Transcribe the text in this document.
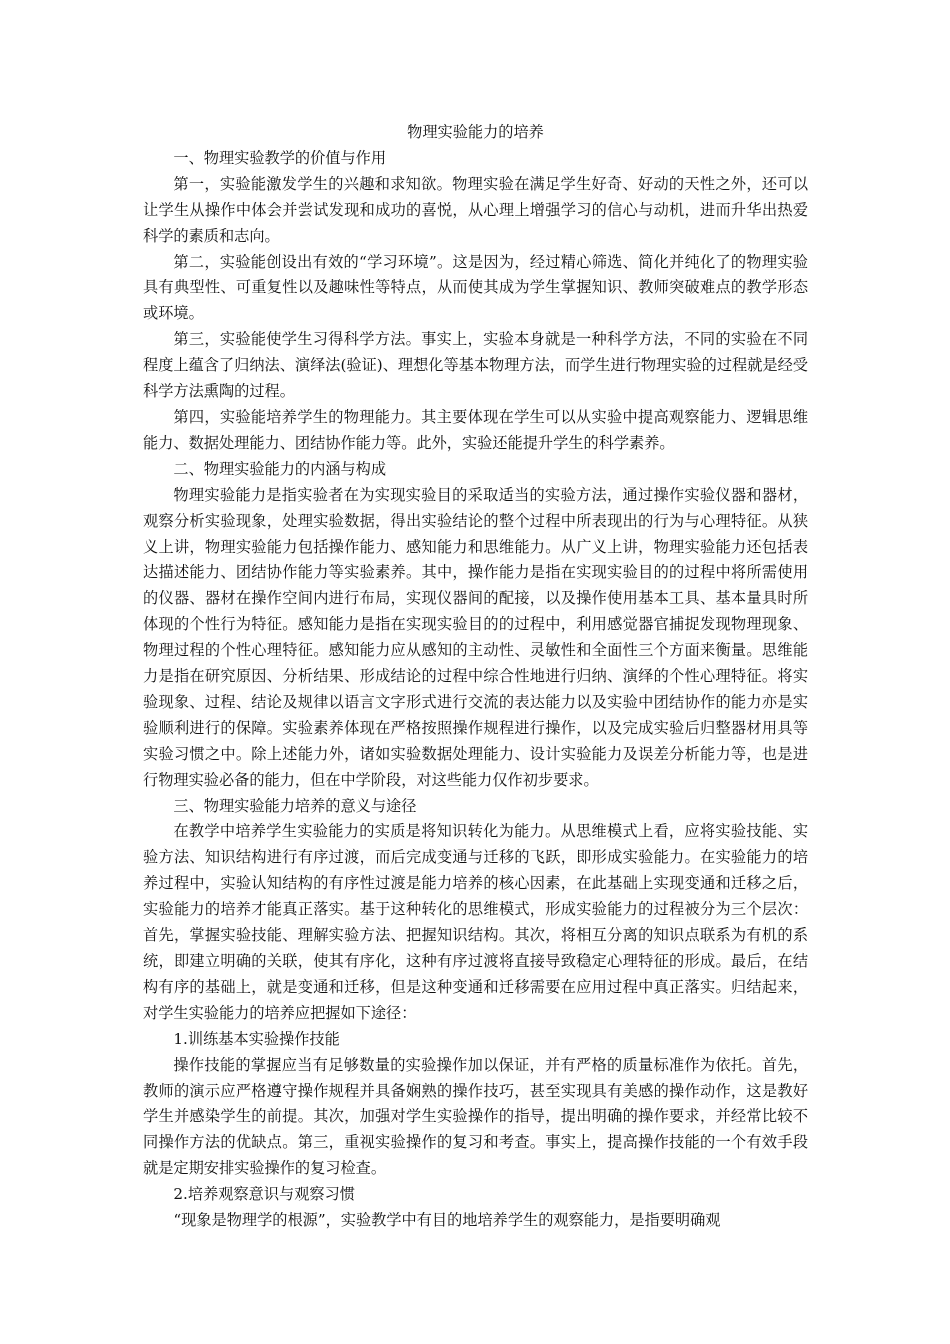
物理实验能力的培养

一、物理实验教学的价值与作用

第一，实验能激发学生的兴趣和求知欲。物理实验在满足学生好奇、好动的天性之外，还可以让学生从操作中体会并尝试发现和成功的喜悦，从心理上增强学习的信心与动机，进而升华出热爱科学的素质和志向。

第二，实验能创设出有效的“学习环境”。这是因为，经过精心筛选、简化并纯化了的物理实验具有典型性、可重复性以及趣味性等特点，从而使其成为学生掌握知识、教师突破难点的教学形态或环境。

第三，实验能使学生习得科学方法。事实上，实验本身就是一种科学方法，不同的实验在不同程度上蕴含了归纳法、演绎法(验证)、理想化等基本物理方法，而学生进行物理实验的过程就是经受科学方法熏陶的过程。

第四，实验能培养学生的物理能力。其主要体现在学生可以从实验中提高观察能力、逻辑思维能力、数据处理能力、团结协作能力等。此外，实验还能提升学生的科学素养。

二、物理实验能力的内涵与构成

物理实验能力是指实验者在为实现实验目的采取适当的实验方法，通过操作实验仪器和器材，观察分析实验现象，处理实验数据，得出实验结论的整个过程中所表现出的行为与心理特征。从狭义上讲，物理实验能力包括操作能力、感知能力和思维能力。从广义上讲，物理实验能力还包括表达描述能力、团结协作能力等实验素养。其中，操作能力是指在实现实验目的的过程中将所需使用的仪器、器材在操作空间内进行布局，实现仪器间的配接，以及操作使用基本工具、基本量具时所体现的个性行为特征。感知能力是指在实现实验目的的过程中，利用感觉器官捕捉发现物理现象、物理过程的个性心理特征。感知能力应从感知的主动性、灵敏性和全面性三个方面来衡量。思维能力是指在研究原因、分析结果、形成结论的过程中综合性地进行归纳、演绎的个性心理特征。将实验现象、过程、结论及规律以语言文字形式进行交流的表达能力以及实验中团结协作的能力亦是实验顺利进行的保障。实验素养体现在严格按照操作规程进行操作，以及完成实验后归整器材用具等实验习惯之中。除上述能力外，诸如实验数据处理能力、设计实验能力及误差分析能力等，也是进行物理实验必备的能力，但在中学阶段，对这些能力仅作初步要求。

三、物理实验能力培养的意义与途径

在教学中培养学生实验能力的实质是将知识转化为能力。从思维模式上看，应将实验技能、实验方法、知识结构进行有序过渡，而后完成变通与迁移的飞跃，即形成实验能力。在实验能力的培养过程中，实验认知结构的有序性过渡是能力培养的核心因素，在此基础上实现变通和迁移之后，实验能力的培养才能真正落实。基于这种转化的思维模式，形成实验能力的过程被分为三个层次：首先，掌握实验技能、理解实验方法、把握知识结构。其次，将相互分离的知识点联系为有机的系统，即建立明确的关联，使其有序化，这种有序过渡将直接导致稳定心理特征的形成。最后，在结构有序的基础上，就是变通和迁移，但是这种变通和迁移需要在应用过程中真正落实。归结起来，对学生实验能力的培养应把握如下途径：

1.训练基本实验操作技能

操作技能的掌握应当有足够数量的实验操作加以保证，并有严格的质量标准作为依托。首先，教师的演示应严格遵守操作规程并具备娴熟的操作技巧，甚至实现具有美感的操作动作，这是教好学生并感染学生的前提。其次，加强对学生实验操作的指导，提出明确的操作要求，并经常比较不同操作方法的优缺点。第三，重视实验操作的复习和考查。事实上，提高操作技能的一个有效手段就是定期安排实验操作的复习检查。

2.培养观察意识与观察习惯

“现象是物理学的根源”，实验教学中有目的地培养学生的观察能力，是指要明确观
